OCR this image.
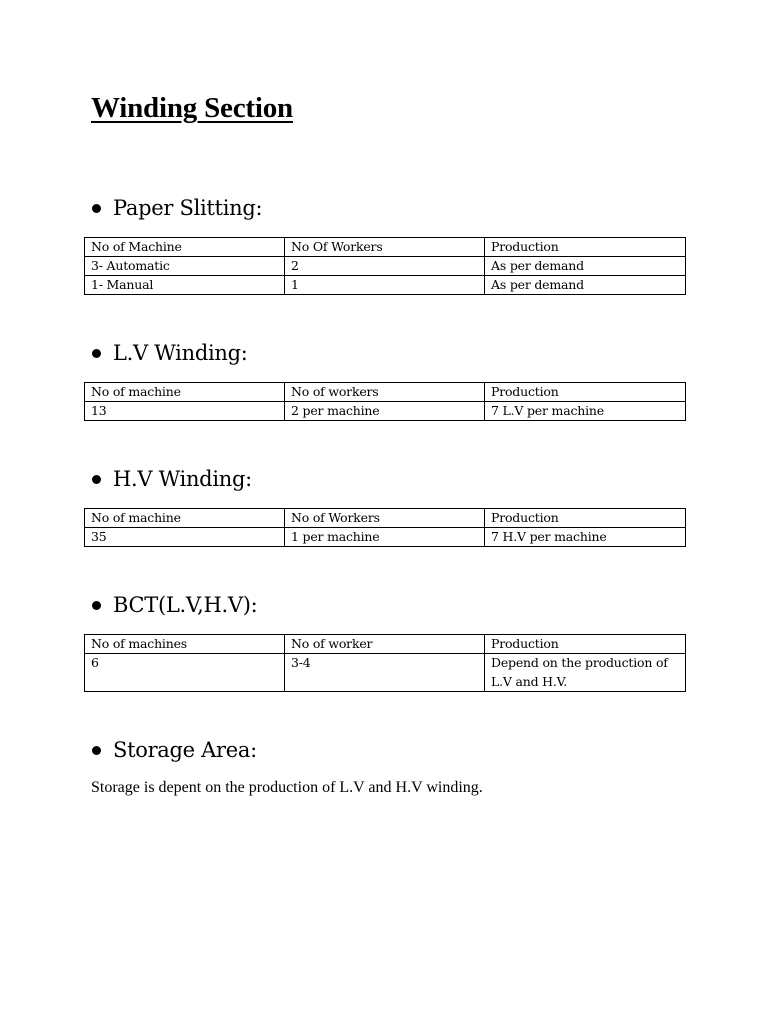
Winding Section
Paper Slitting:
No of Machine	No Of Workers	Production
3- Automatic	2	As per demand
1- Manual	1	As per demand
L.V Winding:
No of machine	No of workers	Production
13	2 per machine	7 L.V per machine
H.V Winding:
No of machine	No of Workers	Production
35	1 per machine	7 H.V per machine
BCT(L.V,H.V):
No of machines	No of worker	Production
6	3-4	Depend on the production of L.V and H.V.
Storage Area:

Storage is depent on the production of L.V and H.V winding.
